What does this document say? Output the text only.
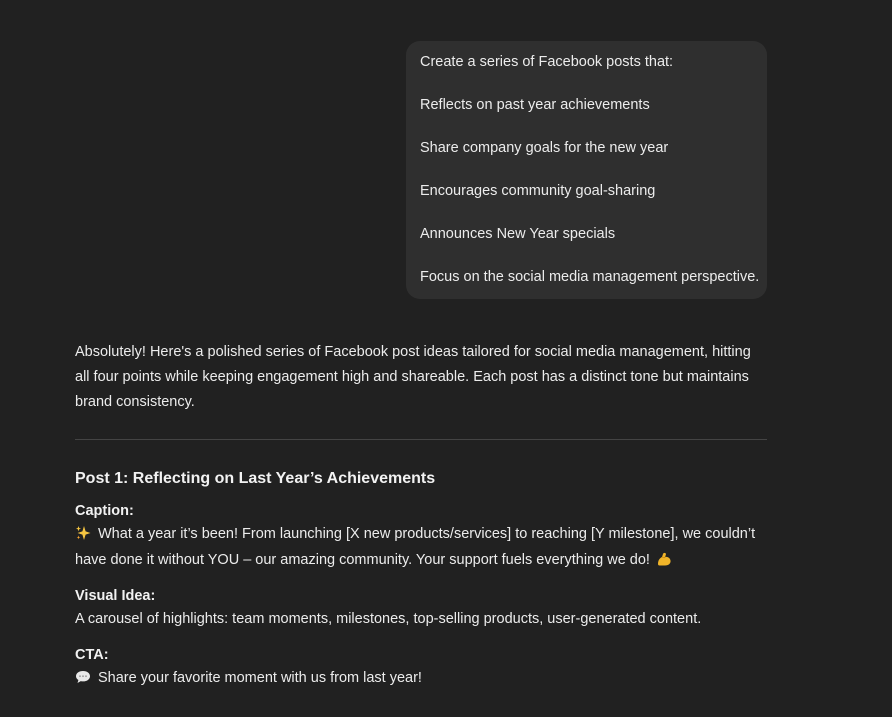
Create a series of Facebook posts that:
Reflects on past year achievements
Share company goals for the new year
Encourages community goal-sharing
Announces New Year specials
Focus on the social media management perspective.

Absolutely! Here's a polished series of Facebook post ideas tailored for social media management, hitting all four points while keeping engagement high and shareable. Each post has a distinct tone but maintains brand consistency.

Post 1: Reflecting on Last Year’s Achievements
Caption:

What a year it’s been! From launching [X new products/services] to reaching [Y milestone], we couldn’t have done it without YOU – our amazing community. Your support fuels everything we do!

Visual Idea:

A carousel of highlights: team moments, milestones, top-selling products, user-generated content.

CTA:

Share your favorite moment with us from last year!
